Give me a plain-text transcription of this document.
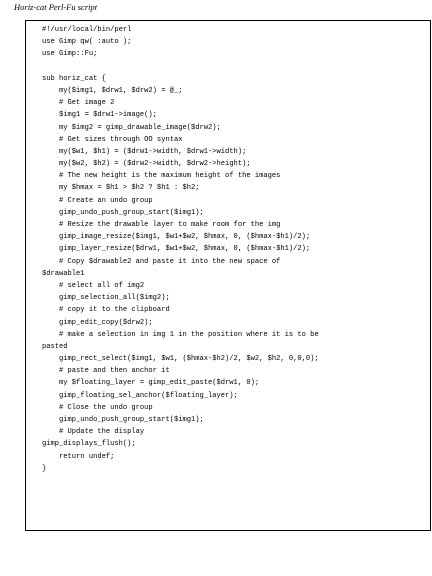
Horiz-cat Perl-Fu script
#!/usr/local/bin/perl
use Gimp qw( :auto );
use Gimp::Fu;
sub horiz_cat {
my($img1, $drw1, $drw2) = @_;
# Get image 2
$img1 = $drw1->image();
my $img2 = gimp_drawable_image($drw2);
# Get sizes through OO syntax
my($w1, $h1) = ($drw1->width, $drw1->width);
my($w2, $h2) = ($drw2->width, $drw2->height);
# The new height is the maximum height of the images
my $hmax = $h1 > $h2 ? $h1 : $h2;
# Create an undo group
gimp_undo_push_group_start($img1);
# Resize the drawable layer to make room for the img
gimp_image_resize($img1, $w1+$w2, $hmax, 0, ($hmax-$h1)/2);
gimp_layer_resize($drw1, $w1+$w2, $hmax, 0, ($hmax-$h1)/2);
# Copy $drawable2 and paste it into the new space of
$drawable1
# select all of img2
gimp_selection_all($img2);
# copy it to the clipboard
gimp_edit_copy($drw2);
# make a selection in img 1 in the position where it is to be
pasted
gimp_rect_select($img1, $w1, ($hmax-$h2)/2, $w2, $h2, 0,0,0);
# paste and then anchor it
my $floating_layer = gimp_edit_paste($drw1, 0);
gimp_floating_sel_anchor($floating_layer);
# Close the undo group
gimp_undo_push_group_start($img1);
# Update the display
gimp_displays_flush();
return undef;
}
